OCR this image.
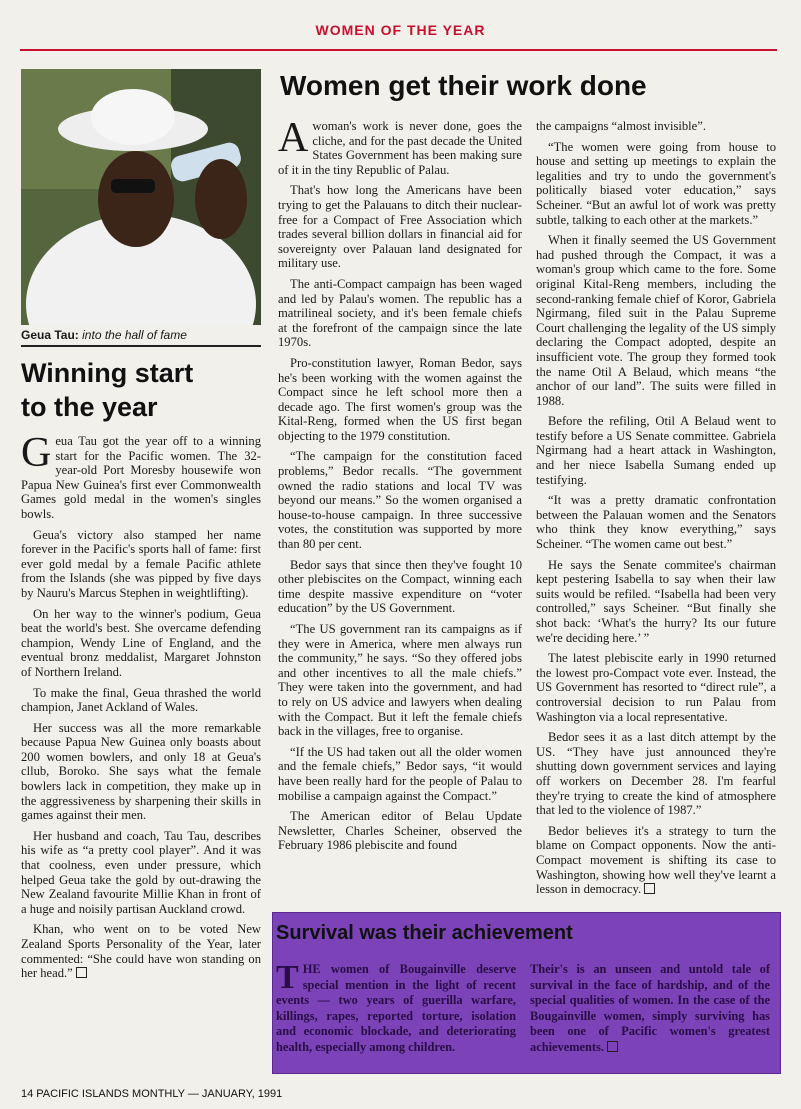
WOMEN OF THE YEAR
Geua Tau: into the hall of fame
Winning start
to the year

Geua Tau got the year off to a winning start for the Pacific women. The 32-year-old Port Moresby housewife won Papua New Guinea's first ever Commonwealth Games gold medal in the women's singles bowls.

Geua's victory also stamped her name forever in the Pacific's sports hall of fame: first ever gold medal by a female Pacific athlete from the Islands (she was pipped by five days by Nauru's Marcus Stephen in weightlifting).

On her way to the winner's podium, Geua beat the world's best. She overcame defending champion, Wendy Line of England, and the eventual bronz meddalist, Margaret Johnston of Northern Ireland.

To make the final, Geua thrashed the world champion, Janet Ackland of Wales.

Her success was all the more remarkable because Papua New Guinea only boasts about 200 women bowlers, and only 18 at Geua's cllub, Boroko. She says what the female bowlers lack in competition, they make up in the aggressiveness by sharpening their skills in games against their men.

Her husband and coach, Tau Tau, describes his wife as “a pretty cool player”. And it was that coolness, even under pressure, which helped Geua take the gold by out-drawing the New Zealand favourite Millie Khan in front of a huge and noisily partisan Auckland crowd.

Khan, who went on to be voted New Zealand Sports Personality of the Year, later commented: “She could have won standing on her head.”

Women get their work done

A woman's work is never done, goes the cliche, and for the past decade the United States Government has been making sure of it in the tiny Republic of Palau.

That's how long the Americans have been trying to get the Palauans to ditch their nuclear-free for a Compact of Free Association which trades several billion dollars in financial aid for sovereignty over Palauan land designated for military use.

The anti-Compact campaign has been waged and led by Palau's women. The republic has a matrilineal society, and it's been female chiefs at the forefront of the campaign since the late 1970s.

Pro-constitution lawyer, Roman Bedor, says he's been working with the women against the Compact since he left school more then a decade ago. The first women's group was the Kital-Reng, formed when the US first began objecting to the 1979 constitution.

“The campaign for the constitution faced problems,” Bedor recalls. “The government owned the radio stations and local TV was beyond our means.” So the women organised a house-to-house campaign. In three successive votes, the constitution was supported by more than 80 per cent.

Bedor says that since then they've fought 10 other plebiscites on the Compact, winning each time despite massive expenditure on “voter education” by the US Government.

“The US government ran its campaigns as if they were in America, where men always run the community,” he says. “So they offered jobs and other incentives to all the male chiefs.” They were taken into the government, and had to rely on US advice and lawyers when dealing with the Compact. But it left the female chiefs back in the villages, free to organise.

“If the US had taken out all the older women and the female chiefs,” Bedor says, “it would have been really hard for the people of Palau to mobilise a campaign against the Compact.”

The American editor of Belau Update Newsletter, Charles Scheiner, observed the February 1986 plebiscite and found

the campaigns “almost invisible”.

“The women were going from house to house and setting up meetings to explain the legalities and try to undo the government's politically biased voter education,” says Scheiner. “But an awful lot of work was pretty subtle, talking to each other at the markets.”

When it finally seemed the US Government had pushed through the Compact, it was a woman's group which came to the fore. Some original Kital-Reng members, including the second-ranking female chief of Koror, Gabriela Ngirmang, filed suit in the Palau Supreme Court challenging the legality of the US simply declaring the Compact adopted, despite an insufficient vote. The group they formed took the name Otil A Belaud, which means “the anchor of our land”. The suits were filled in 1988.

Before the refiling, Otil A Belaud went to testify before a US Senate committee. Gabriela Ngirmang had a heart attack in Washington, and her niece Isabella Sumang ended up testifying.

“It was a pretty dramatic confrontation between the Palauan women and the Senators who think they know everything,” says Scheiner. “The women came out best.”

He says the Senate commitee's chairman kept pestering Isabella to say when their law suits would be refiled. “Isabella had been very controlled,” says Scheiner. “But finally she shot back: ‘What's the hurry? Its our future we're deciding here.’ ”

The latest plebiscite early in 1990 returned the lowest pro-Compact vote ever. Instead, the US Government has resorted to “direct rule”, a controversial decision to run Palau from Washington via a local representative.

Bedor sees it as a last ditch attempt by the US. “They have just announced they're shutting down government services and laying off workers on December 28. I'm fearful they're trying to create the kind of atmosphere that led to the violence of 1987.”

Bedor believes it's a strategy to turn the blame on Compact opponents. Now the anti-Compact movement is shifting its case to Washington, showing how well they've learnt a lesson in democracy.

Survival was their achievement
THE women of Bougainville deserve special mention in the light of recent events — two years of guerilla warfare, killings, rapes, reported torture, isolation and economic blockade, and deteriorating health, especially among children.
Their's is an unseen and untold tale of survival in the face of hardship, and of the special qualities of women. In the case of the Bougainville women, simply surviving has been one of Pacific women's greatest achievements.
14 PACIFIC ISLANDS MONTHLY — JANUARY, 1991
